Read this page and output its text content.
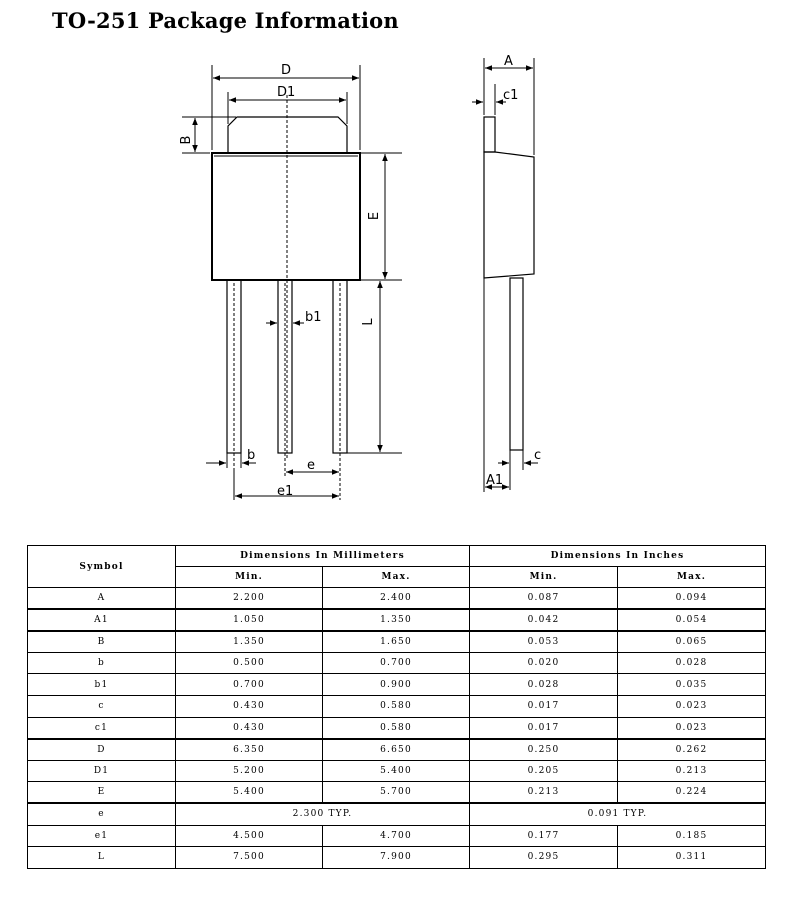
TO-251 Package Information
D
D1
B
E
L
b1
b
e
e1
A
c1
c
A1
Symbol	Dimensions In Millimeters		Dimensions In Inches	
	Min.	Max.	Min.	Max.
A	2.200	2.400	0.087	0.094
A1	1.050	1.350	0.042	0.054
B	1.350	1.650	0.053	0.065
b	0.500	0.700	0.020	0.028
b1	0.700	0.900	0.028	0.035
c	0.430	0.580	0.017	0.023
c1	0.430	0.580	0.017	0.023
D	6.350	6.650	0.250	0.262
D1	5.200	5.400	0.205	0.213
E	5.400	5.700	0.213	0.224
e	2.300 TYP.		0.091 TYP.	
e1	4.500	4.700	0.177	0.185
L	7.500	7.900	0.295	0.311
